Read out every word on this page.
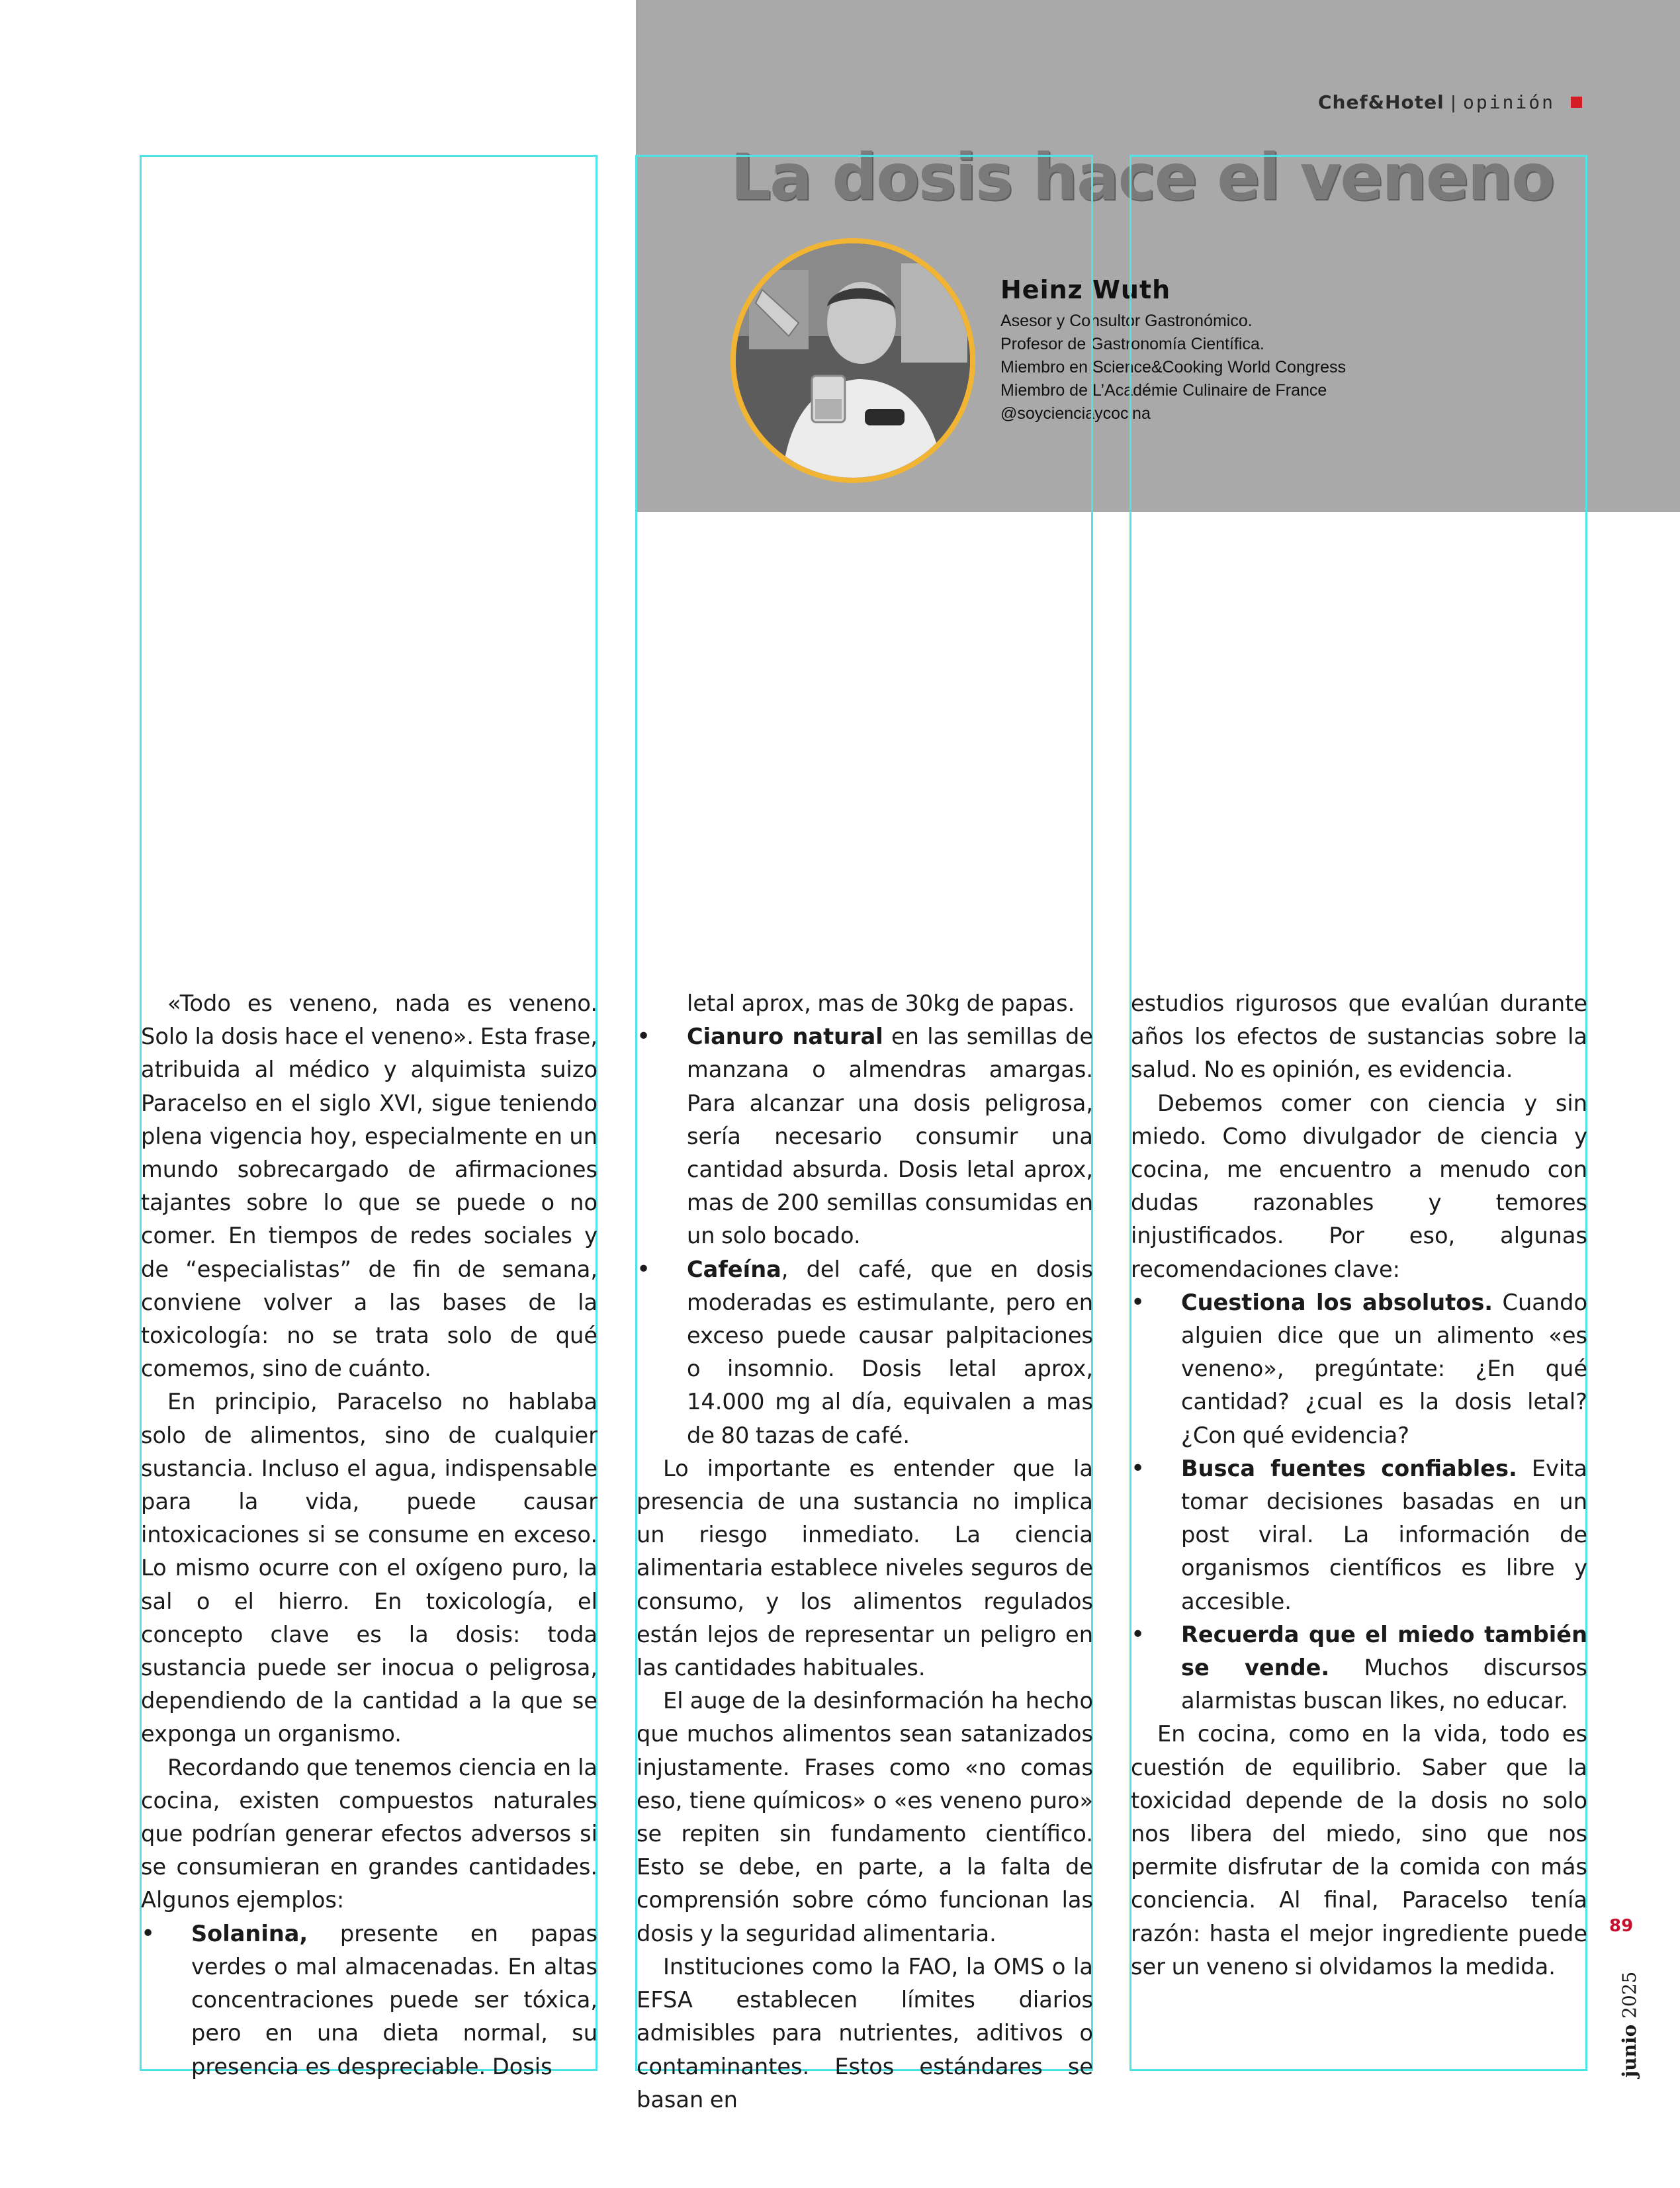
Chef&Hotel | opinión
La dosis hace el veneno
Heinz Wuth
Asesor y Consultor Gastronómico.
Profesor de Gastronomía Científica.
Miembro en Science&Cooking World Congress
Miembro de L’Académie Culinaire de France
@soycienciaycocina

«Todo es veneno, nada es veneno. Solo la dosis hace el veneno». Esta frase, atribuida al médico y alquimista suizo Paracelso en el siglo XVI, sigue teniendo plena vigencia hoy, especialmente en un mundo sobrecargado de afirmaciones tajantes sobre lo que se puede o no comer. En tiempos de redes sociales y de “especialistas” de fin de semana, conviene volver a las bases de la toxicología: no se trata solo de qué comemos, sino de cuánto.

En principio, Paracelso no hablaba solo de alimentos, sino de cualquier sustancia. Incluso el agua, indispensable para la vida, puede causar intoxicaciones si se consume en exceso. Lo mismo ocurre con el oxígeno puro, la sal o el hierro. En toxicología, el concepto clave es la dosis: toda sustancia puede ser inocua o peligrosa, dependiendo de la cantidad a la que se exponga un organismo.

Recordando que tenemos ciencia en la cocina, existen compuestos naturales que podrían generar efectos adversos si se consumieran en grandes cantidades. Algunos ejemplos:

• Solanina, presente en papas verdes o mal almacenadas. En altas concentraciones puede ser tóxica, pero en una dieta normal, su presencia es despreciable. Dosis
letal aprox, mas de 30kg de papas.
• Cianuro natural en las semillas de manzana o almendras amargas. Para alcanzar una dosis peligrosa, sería necesario consumir una cantidad absurda. Dosis letal aprox, mas de 200 semillas consumidas en un solo bocado.
• Cafeína, del café, que en dosis moderadas es estimulante, pero en exceso puede causar palpitaciones o insomnio. Dosis letal aprox, 14.000 mg al día, equivalen a mas de 80 tazas de café.

Lo importante es entender que la presencia de una sustancia no implica un riesgo inmediato. La ciencia alimentaria establece niveles seguros de consumo, y los alimentos regulados están lejos de representar un peligro en las cantidades habituales.

El auge de la desinformación ha hecho que muchos alimentos sean satanizados injustamente. Frases como «no comas eso, tiene químicos» o «es veneno puro» se repiten sin fundamento científico. Esto se debe, en parte, a la falta de comprensión sobre cómo funcionan las dosis y la seguridad alimentaria.

Instituciones como la FAO, la OMS o la EFSA establecen límites diarios admisibles para nutrientes, aditivos o contaminantes. Estos estándares se basan en

estudios rigurosos que evalúan durante años los efectos de sustancias sobre la salud. No es opinión, es evidencia.

Debemos comer con ciencia y sin miedo. Como divulgador de ciencia y cocina, me encuentro a menudo con dudas razonables y temores injustificados. Por eso, algunas recomendaciones clave:

• Cuestiona los absolutos. Cuando alguien dice que un alimento «es veneno», pregúntate: ¿En qué cantidad? ¿cual es la dosis letal? ¿Con qué evidencia?
• Busca fuentes confiables. Evita tomar decisiones basadas en un post viral. La información de organismos científicos es libre y accesible.
• Recuerda que el miedo también se vende. Muchos discursos alarmistas buscan likes, no educar.

En cocina, como en la vida, todo es cuestión de equilibrio. Saber que la toxicidad depende de la dosis no solo nos libera del miedo, sino que nos permite disfrutar de la comida con más conciencia. Al final, Paracelso tenía razón: hasta el mejor ingrediente puede ser un veneno si olvidamos la medida.

89
junio 2025
